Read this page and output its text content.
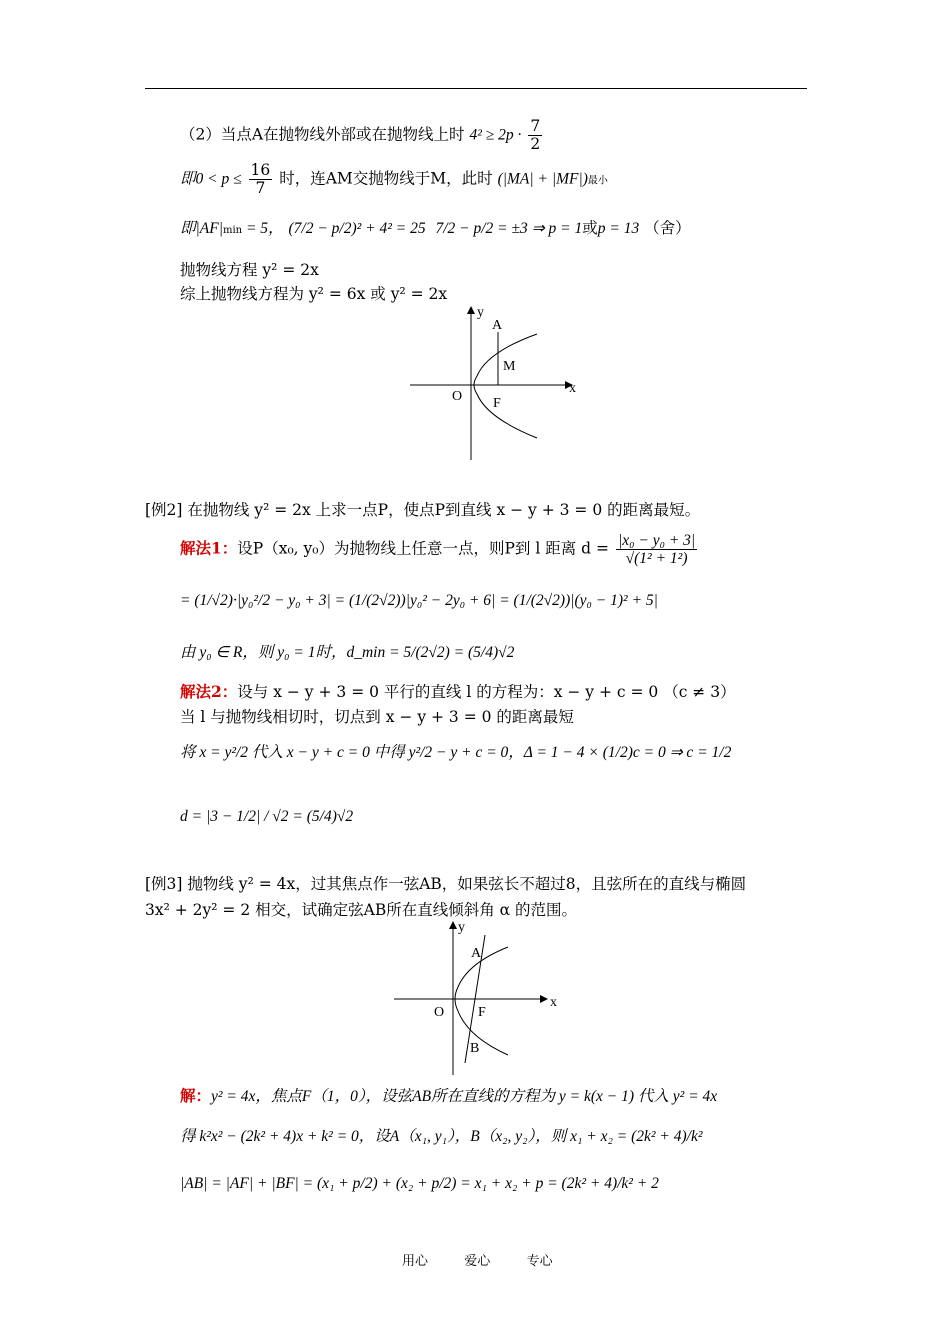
（2）当点A在抛物线外部或在抛物线上时 $4^2 \ge 2p \cdot \frac{7}{2}$
即$0 < p \le \frac{16}{7}$ 时，连AM交抛物线于M，此时 (|MA| + |MF|)最小
即|AF|min = 5， (7/2 − p/2)² + 4² = 25 7/2 − p/2 = ±3 ⇒ p = 1或p = 13 （舍）
抛物线方程 y² = 2x
综上抛物线方程为 y² = 6x 或 y² = 2x
y
A
M
x
O F
[例2] 在抛物线 y² = 2x 上求一点P，使点P到直线 x − y + 3 = 0 的距离最短。
解法1：设P（x₀, y₀）为抛物线上任意一点，则P到 l 距离 $d = \frac{\text{|x₀ − y₀ + 3|}}{\text{√(1² + 1²)}}$
= (1/√2)·|y₀²/2 − y₀ + 3| = (1/(2√2))|y₀² − 2y₀ + 6| = (1/(2√2))|(y₀ − 1)² + 5|
由 y₀ ∈ R，则 y₀ = 1时，d_min = 5/(2√2) = (5/4)√2
解法2：设与 x − y + 3 = 0 平行的直线 l 的方程为：x − y + c = 0 （c ≠ 3）
当 l 与抛物线相切时，切点到 x − y + 3 = 0 的距离最短
将 x = y²/2 代入 x − y + c = 0 中得 y²/2 − y + c = 0，Δ = 1 − 4 × (1/2)c = 0 ⇒ c = 1/2
d = |3 − 1/2| / √2 = (5/4)√2
[例3] 抛物线 y² = 4x，过其焦点作一弦AB，如果弦长不超过8，且弦所在的直线与椭圆
3x² + 2y² = 2 相交，试确定弦AB所在直线倾斜角 α 的范围。
y
A
x
O F
B
解：y² = 4x，焦点F（1，0），设弦AB所在直线的方程为 y = k(x − 1) 代入 y² = 4x
得 k²x² − (2k² + 4)x + k² = 0，设A（x₁, y₁），B（x₂, y₂），则 x₁ + x₂ = (2k² + 4)/k²
|AB| = |AF| + |BF| = (x₁ + p/2) + (x₂ + p/2) = x₁ + x₂ + p = (2k² + 4)/k² + 2
用心	爱心	专心
